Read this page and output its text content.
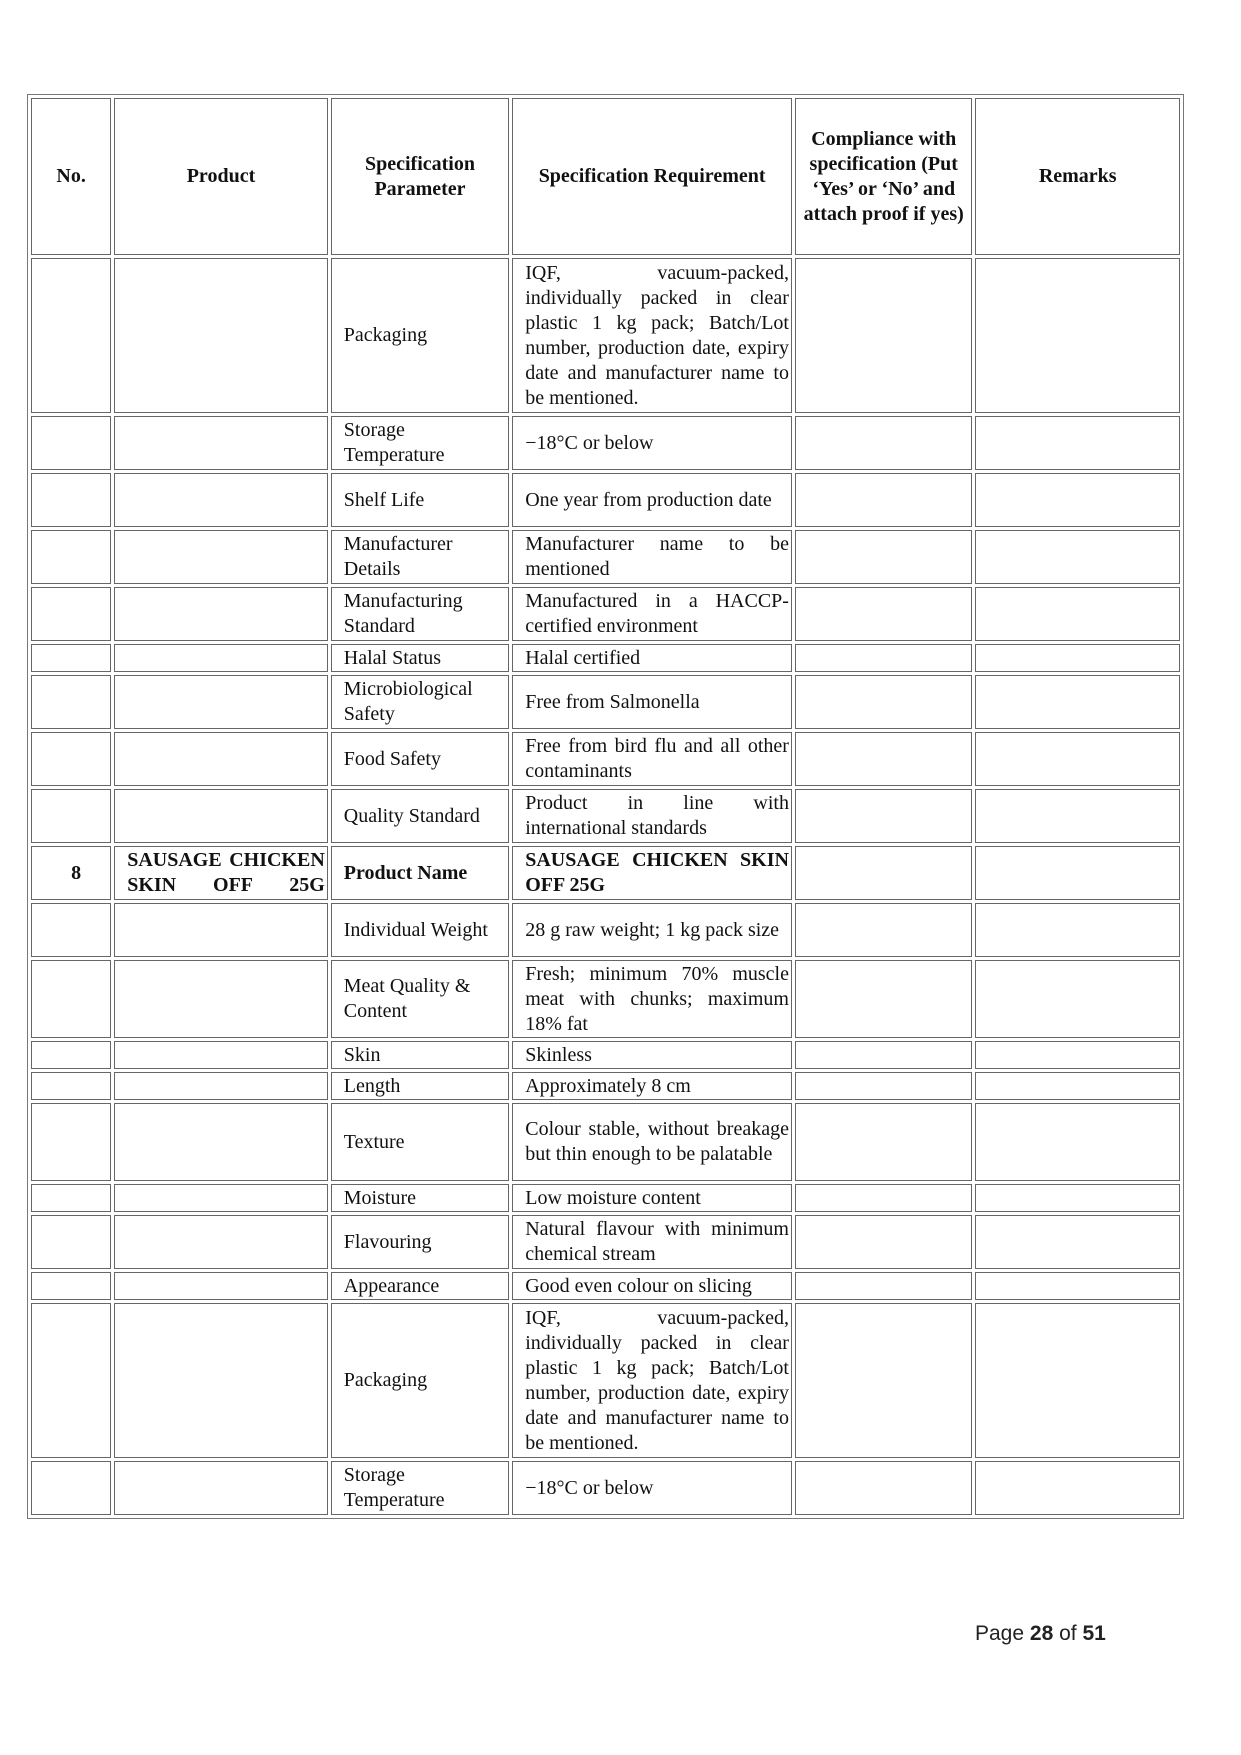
No.	Product	Specification Parameter	Specification Requirement	Compliance with specification (Put ‘Yes’ or ‘No’ and attach proof if yes)	Remarks
		Packaging	IQF, vacuum-packed, individually packed in clear plastic 1 kg pack; Batch/Lot number, production date, expiry date and manufacturer name to be mentioned.		
		Storage Temperature	−18°C or below		
		Shelf Life	One year from production date		
		Manufacturer Details	Manufacturer name to be mentioned		
		Manufacturing Standard	Manufactured in a HACCP-certified environment		
		Halal Status	Halal certified		
		Microbiological Safety	Free from Salmonella		
		Food Safety	Free from bird flu and all other contaminants		
		Quality Standard	Product in line with international standards		
8	SAUSAGE CHICKEN SKIN OFF 25G	Product Name	SAUSAGE CHICKEN SKIN OFF 25G		
		Individual Weight	28 g raw weight; 1 kg pack size		
		Meat Quality & Content	Fresh; minimum 70% muscle meat with chunks; maximum 18% fat		
		Skin	Skinless		
		Length	Approximately 8 cm		
		Texture	Colour stable, without breakage but thin enough to be palatable		
		Moisture	Low moisture content		
		Flavouring	Natural flavour with minimum chemical stream		
		Appearance	Good even colour on slicing		
		Packaging	IQF, vacuum-packed, individually packed in clear plastic 1 kg pack; Batch/Lot number, production date, expiry date and manufacturer name to be mentioned.		
		Storage Temperature	−18°C or below		
Page 28 of 51
